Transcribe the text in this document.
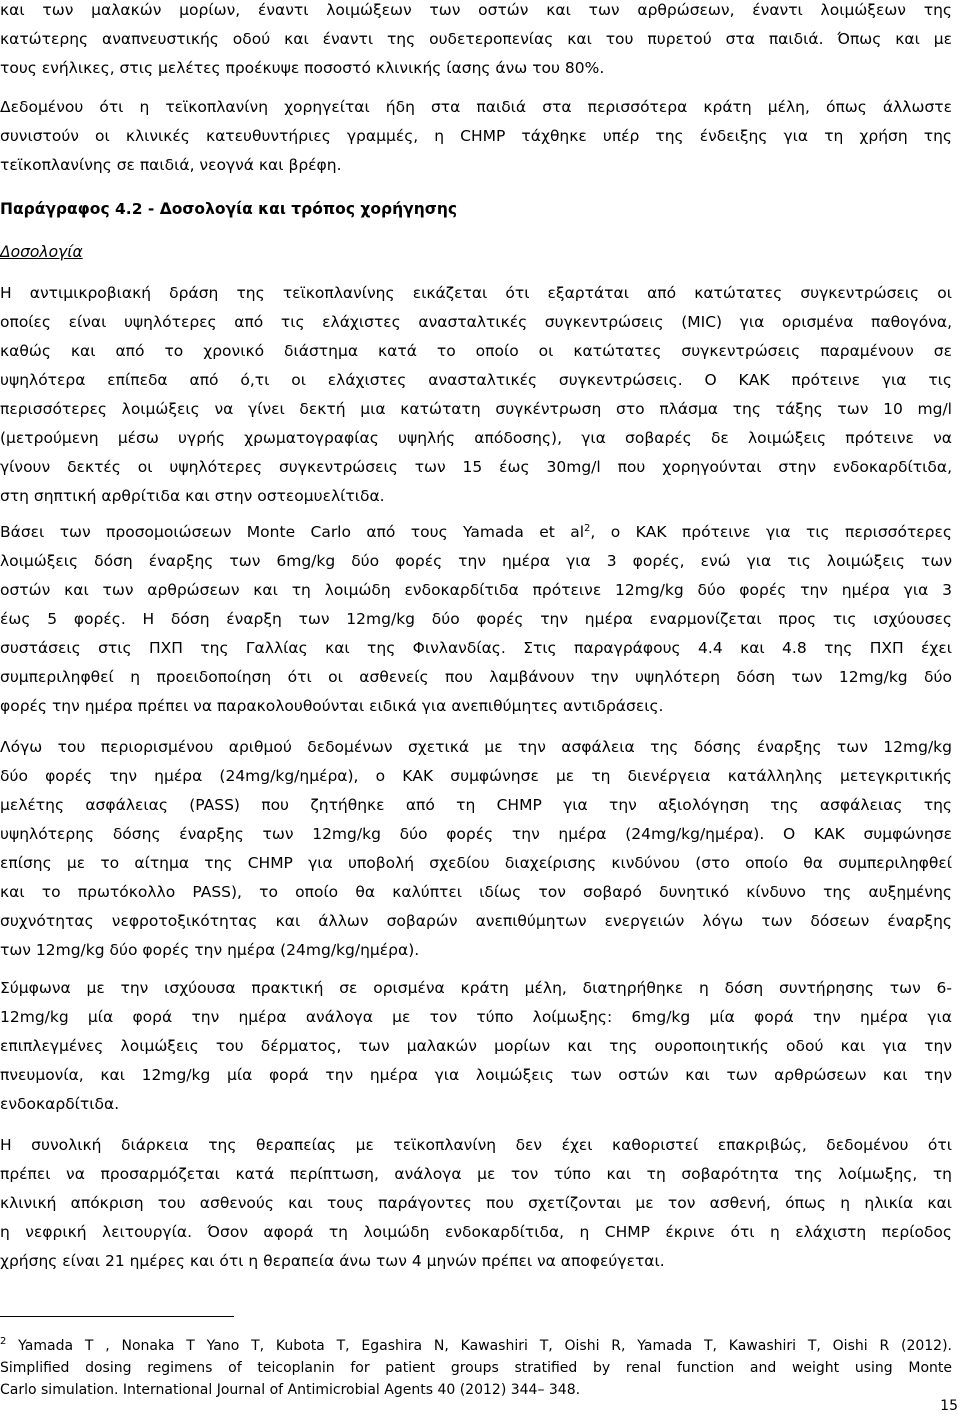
και των μαλακών μορίων, έναντι λοιμώξεων των οστών και των αρθρώσεων, έναντι λοιμώξεων της
κατώτερης αναπνευστικής οδού και έναντι της ουδετεροπενίας και του πυρετού στα παιδιά. Όπως και με
τους ενήλικες, στις μελέτες προέκυψε ποσοστό κλινικής ίασης άνω του 80%.
Δεδομένου ότι η τεϊκοπλανίνη χορηγείται ήδη στα παιδιά στα περισσότερα κράτη μέλη, όπως άλλωστε
συνιστούν οι κλινικές κατευθυντήριες γραμμές, η CHMP τάχθηκε υπέρ της ένδειξης για τη χρήση της
τεϊκοπλανίνης σε παιδιά, νεογνά και βρέφη.
Παράγραφος 4.2 - Δοσολογία και τρόπος χορήγησης
Δοσολογία
Η αντιμικροβιακή δράση της τεϊκοπλανίνης εικάζεται ότι εξαρτάται από κατώτατες συγκεντρώσεις οι
οποίες είναι υψηλότερες από τις ελάχιστες ανασταλτικές συγκεντρώσεις (MIC) για ορισμένα παθογόνα,
καθώς και από το χρονικό διάστημα κατά το οποίο οι κατώτατες συγκεντρώσεις παραμένουν σε
υψηλότερα επίπεδα από ό,τι οι ελάχιστες ανασταλτικές συγκεντρώσεις. Ο ΚΑΚ πρότεινε για τις
περισσότερες λοιμώξεις να γίνει δεκτή μια κατώτατη συγκέντρωση στο πλάσμα της τάξης των 10 mg/l
(μετρούμενη μέσω υγρής χρωματογραφίας υψηλής απόδοσης), για σοβαρές δε λοιμώξεις πρότεινε να
γίνουν δεκτές οι υψηλότερες συγκεντρώσεις των 15 έως 30mg/l που χορηγούνται στην ενδοκαρδίτιδα,
στη σηπτική αρθρίτιδα και στην οστεομυελίτιδα.
Βάσει των προσομοιώσεων Monte Carlo από τους Yamada et $al^2$, ο ΚΑΚ πρότεινε για τις περισσότερες
λοιμώξεις δόση έναρξης των 6mg/kg δύο φορές την ημέρα για 3 φορές, ενώ για τις λοιμώξεις των
οστών και των αρθρώσεων και τη λοιμώδη ενδοκαρδίτιδα πρότεινε 12mg/kg δύο φορές την ημέρα για 3
έως 5 φορές. Η δόση έναρξη των 12mg/kg δύο φορές την ημέρα εναρμονίζεται προς τις ισχύουσες
συστάσεις στις ΠΧΠ της Γαλλίας και της Φινλανδίας. Στις παραγράφους 4.4 και 4.8 της ΠΧΠ έχει
συμπεριληφθεί η προειδοποίηση ότι οι ασθενείς που λαμβάνουν την υψηλότερη δόση των 12mg/kg δύο
φορές την ημέρα πρέπει να παρακολουθούνται ειδικά για ανεπιθύμητες αντιδράσεις.
Λόγω του περιορισμένου αριθμού δεδομένων σχετικά με την ασφάλεια της δόσης έναρξης των 12mg/kg
δύο φορές την ημέρα (24mg/kg/ημέρα), ο ΚΑΚ συμφώνησε με τη διενέργεια κατάλληλης μετεγκριτικής
μελέτης ασφάλειας (PASS) που ζητήθηκε από τη CHMP για την αξιολόγηση της ασφάλειας της
υψηλότερης δόσης έναρξης των 12mg/kg δύο φορές την ημέρα (24mg/kg/ημέρα). Ο ΚΑΚ συμφώνησε
επίσης με το αίτημα της CHMP για υποβολή σχεδίου διαχείρισης κινδύνου (στο οποίο θα συμπεριληφθεί
και το πρωτόκολλο PASS), το οποίο θα καλύπτει ιδίως τον σοβαρό δυνητικό κίνδυνο της αυξημένης
συχνότητας νεφροτοξικότητας και άλλων σοβαρών ανεπιθύμητων ενεργειών λόγω των δόσεων έναρξης
των 12mg/kg δύο φορές την ημέρα (24mg/kg/ημέρα).
Σύμφωνα με την ισχύουσα πρακτική σε ορισμένα κράτη μέλη, διατηρήθηκε η δόση συντήρησης των 6-
12mg/kg μία φορά την ημέρα ανάλογα με τον τύπο λοίμωξης: 6mg/kg μία φορά την ημέρα για
επιπλεγμένες λοιμώξεις του δέρματος, των μαλακών μορίων και της ουροποιητικής οδού και για την
πνευμονία, και 12mg/kg μία φορά την ημέρα για λοιμώξεις των οστών και των αρθρώσεων και την
ενδοκαρδίτιδα.
Η συνολική διάρκεια της θεραπείας με τεϊκοπλανίνη δεν έχει καθοριστεί επακριβώς, δεδομένου ότι
πρέπει να προσαρμόζεται κατά περίπτωση, ανάλογα με τον τύπο και τη σοβαρότητα της λοίμωξης, τη
κλινική απόκριση του ασθενούς και τους παράγοντες που σχετίζονται με τον ασθενή, όπως η ηλικία και
η νεφρική λειτουργία. Όσον αφορά τη λοιμώδη ενδοκαρδίτιδα, η CHMP έκρινε ότι η ελάχιστη περίοδος
χρήσης είναι 21 ημέρες και ότι η θεραπεία άνω των 4 μηνών πρέπει να αποφεύγεται.
$^2$ Yamada T , Nonaka T Yano T, Kubota T, Egashira N, Kawashiri T, Oishi R, Yamada T, Kawashiri T, Oishi R (2012).
Simplified dosing regimens of teicoplanin for patient groups stratified by renal function and weight using Monte
Carlo simulation. International Journal of Antimicrobial Agents 40 (2012) 344– 348.
15
